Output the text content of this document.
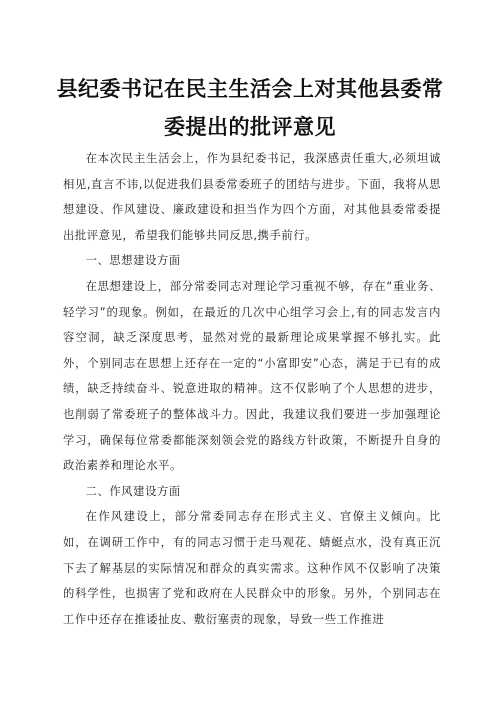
县纪委书记在民主生活会上对其他县委常
委提出的批评意见

在本次民主生活会上，作为县纪委书记，我深感责任重大,必须坦诚相见,直言不讳,以促进我们县委常委班子的团结与进步。下面，我将从思想建设、作风建设、廉政建设和担当作为四个方面，对其他县委常委提出批评意见，希望我们能够共同反思,携手前行。

一、思想建设方面

在思想建设上，部分常委同志对理论学习重视不够，存在“重业务、轻学习”的现象。例如，在最近的几次中心组学习会上,有的同志发言内容空洞，缺乏深度思考，显然对党的最新理论成果掌握不够扎实。此外，个别同志在思想上还存在一定的“小富即安”心态，满足于已有的成绩，缺乏持续奋斗、锐意进取的精神。这不仅影响了个人思想的进步，也削弱了常委班子的整体战斗力。因此，我建议我们要进一步加强理论学习，确保每位常委都能深刻领会党的路线方针政策，不断提升自身的政治素养和理论水平。

二、作风建设方面

在作风建设上，部分常委同志存在形式主义、官僚主义倾向。比如，在调研工作中，有的同志习惯于走马观花、蜻蜓点水，没有真正沉下去了解基层的实际情况和群众的真实需求。这种作风不仅影响了决策的科学性，也损害了党和政府在人民群众中的形象。另外，个别同志在工作中还存在推诿扯皮、敷衍塞责的现象，导致一些工作推进
